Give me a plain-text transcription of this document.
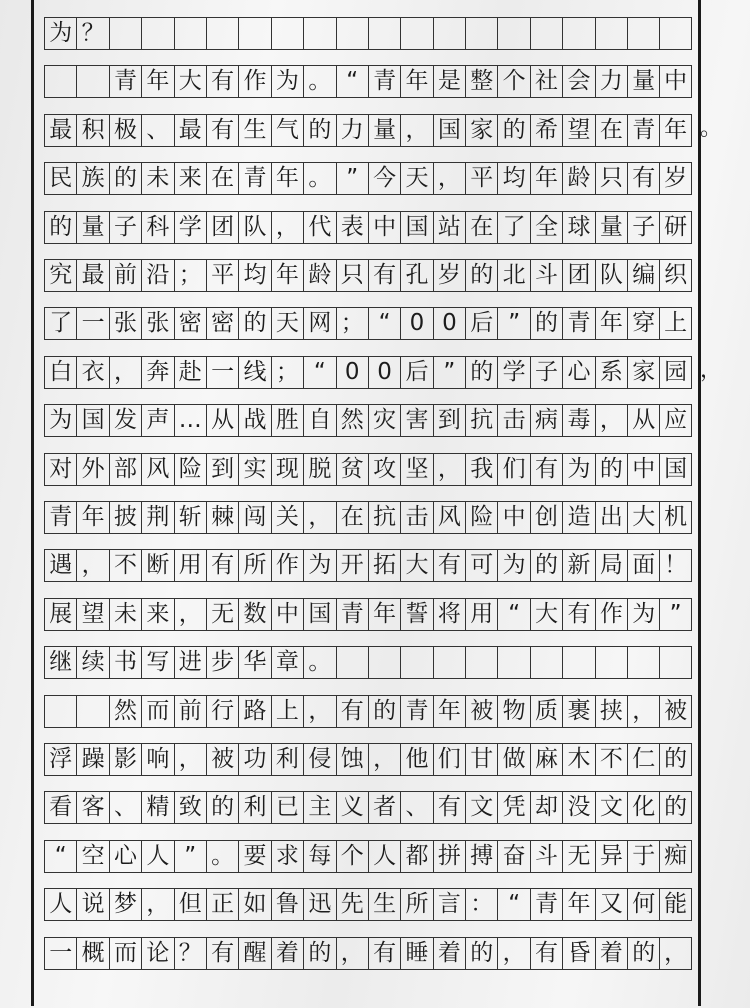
为 ？
青 年 大 有 作 为 。 “ 青 年 是 整 个 社 会 力 量 中
最 积 极 、 最 有 生 气 的 力 量 ， 国 家 的 希 望 在 青 年
民 族 的 未 来 在 青 年 。 ” 今 天 ， 平 均 年 龄 只 有 岁
的 量 子 科 学 团 队 ， 代 表 中 国 站 在 了 全 球 量 子 研
究 最 前 沿 ； 平 均 年 龄 只 有 孔 岁 的 北 斗 团 队 编 织
了 一 张 张 密 密 的 天 网 ； “ 0 0 后 ” 的 青 年 穿 上
白 衣 ， 奔 赴 一 线 ； “ 0 0 后 ” 的 学 子 心 系 家 园
为 国 发 声 … 从 战 胜 自 然 灾 害 到 抗 击 病 毒 ， 从 应
对 外 部 风 险 到 实 现 脱 贫 攻 坚 ， 我 们 有 为 的 中 国
青 年 披 荆 斩 棘 闯 关 ， 在 抗 击 风 险 中 创 造 出 大 机
遇 ， 不 断 用 有 所 作 为 开 拓 大 有 可 为 的 新 局 面 ！
展 望 未 来 ， 无 数 中 国 青 年 誓 将 用 “ 大 有 作 为 ”
继 续 书 写 进 步 华 章 。
然 而 前 行 路 上 ， 有 的 青 年 被 物 质 裹 挟 ， 被
浮 躁 影 响 ， 被 功 利 侵 蚀 ， 他 们 甘 做 麻 木 不 仁 的
看 客 、 精 致 的 利 已 主 义 者 、 有 文 凭 却 没 文 化 的
“ 空 心 人 ” 。 要 求 每 个 人 都 拼 搏 奋 斗 无 异 于 痴
人 说 梦 ， 但 正 如 鲁 迅 先 生 所 言 ： “ 青 年 又 何 能
一 概 而 论 ？ 有 醒 着 的 ， 有 睡 着 的 ， 有 昏 着 的 ，
。
，
